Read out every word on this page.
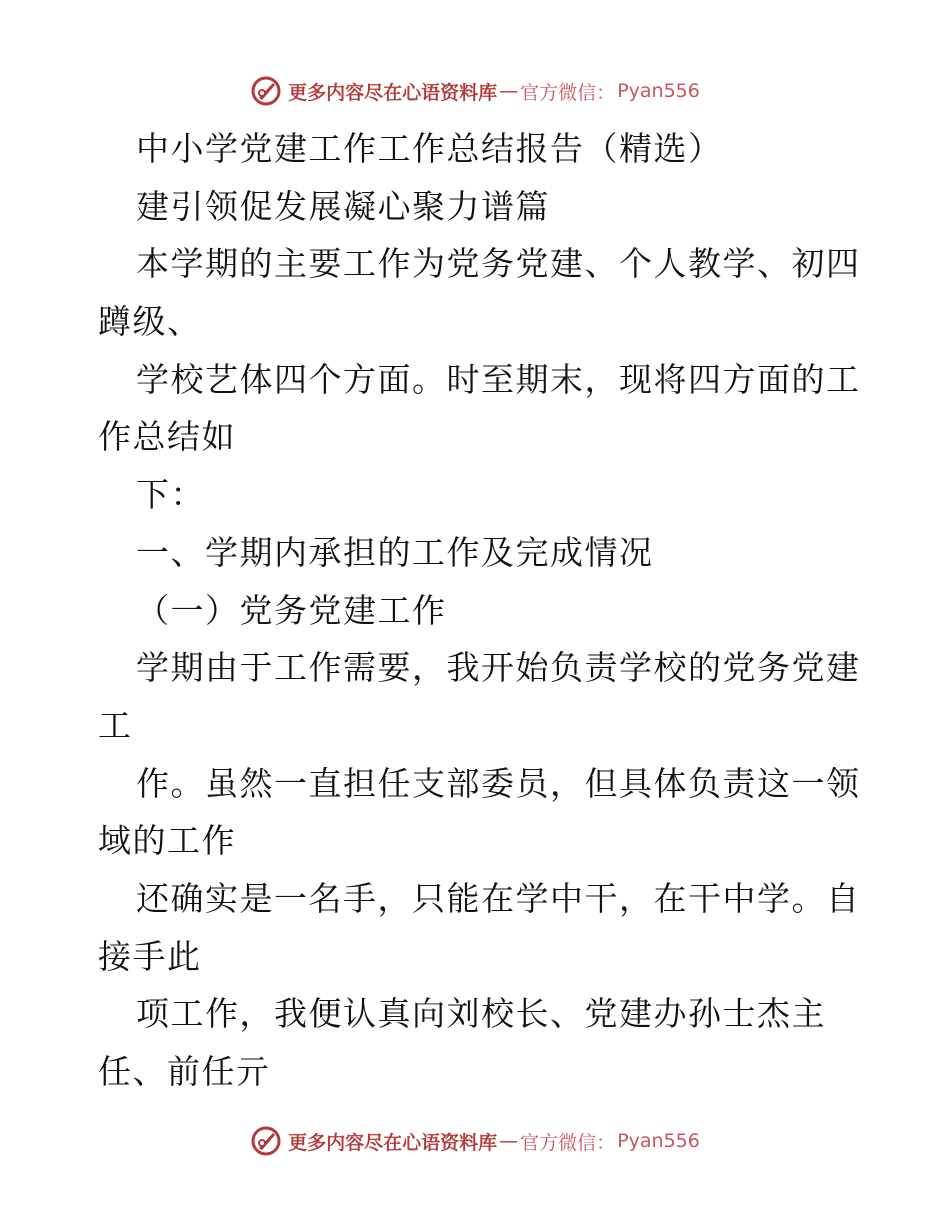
更多内容尽在心语资料库 — 官方微信： Pyan556
中小学党建工作工作总结报告（精选）
建引领促发展凝心聚力谱篇
本学期的主要工作为党务党建、个人教学、初四
蹲级、
学校艺体四个方面。时至期末，现将四方面的工
作总结如
下：
一、学期内承担的工作及完成情况
（一）党务党建工作
学期由于工作需要，我开始负责学校的党务党建
工
作。虽然一直担任支部委员，但具体负责这一领
域的工作
还确实是一名手，只能在学中干，在干中学。自
接手此
项工作，我便认真向刘校长、党建办孙士杰主
任、前任亓
更多内容尽在心语资料库 — 官方微信： Pyan556
